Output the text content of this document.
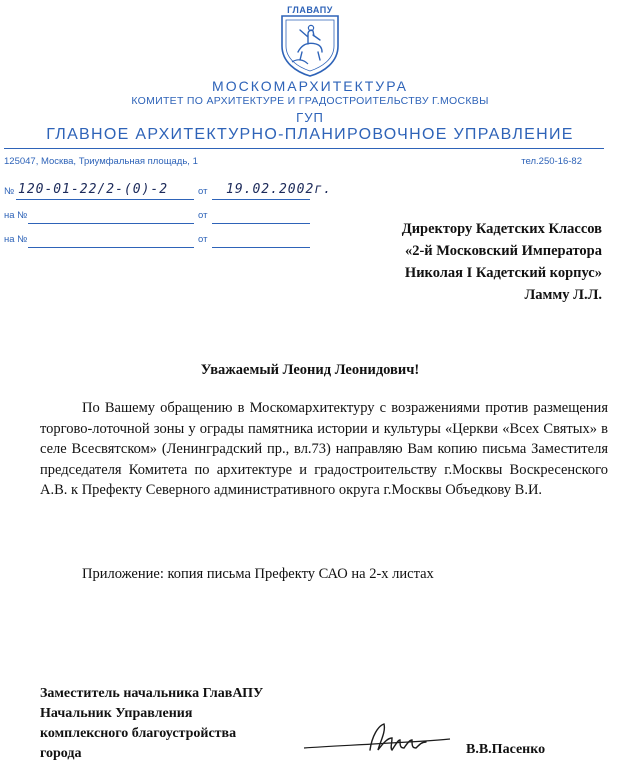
ГЛАВАПУ
МОСКОМАРХИТЕКТУРА
КОМИТЕТ ПО АРХИТЕКТУРЕ И ГРАДОСТРОИТЕЛЬСТВУ Г.МОСКВЫ
ГУП
ГЛАВНОЕ АРХИТЕКТУРНО-ПЛАНИРОВОЧНОЕ УПРАВЛЕНИЕ
125047, Москва, Триумфальная площадь, 1	тел.250-16-82
№ 120-01-22/2-(0)-2	от 19.02.2002г.
на №	от
на №	от
Директору Кадетских Классов
«2-й Московский Императора
Николая I Кадетский корпус»
Ламму Л.Л.
Уважаемый Леонид Леонидович!

По Вашему обращению в Москомархитектуру с возражениями против размещения торгово-лоточной зоны у ограды памятника истории и культуры «Церкви «Всех Святых» в селе Всесвятском» (Ленинградский пр., вл.73) направляю Вам копию письма Заместителя председателя Комитета по архитектуре и градостроительству г.Москвы Воскресенского А.В. к Префекту Северного административного округа г.Москвы Объедкову В.И.

Приложение: копия письма Префекту САО на 2-х листах
Заместитель начальника ГлавАПУ
Начальник Управления
комплексного благоустройства
города	В.В.Пасенко
